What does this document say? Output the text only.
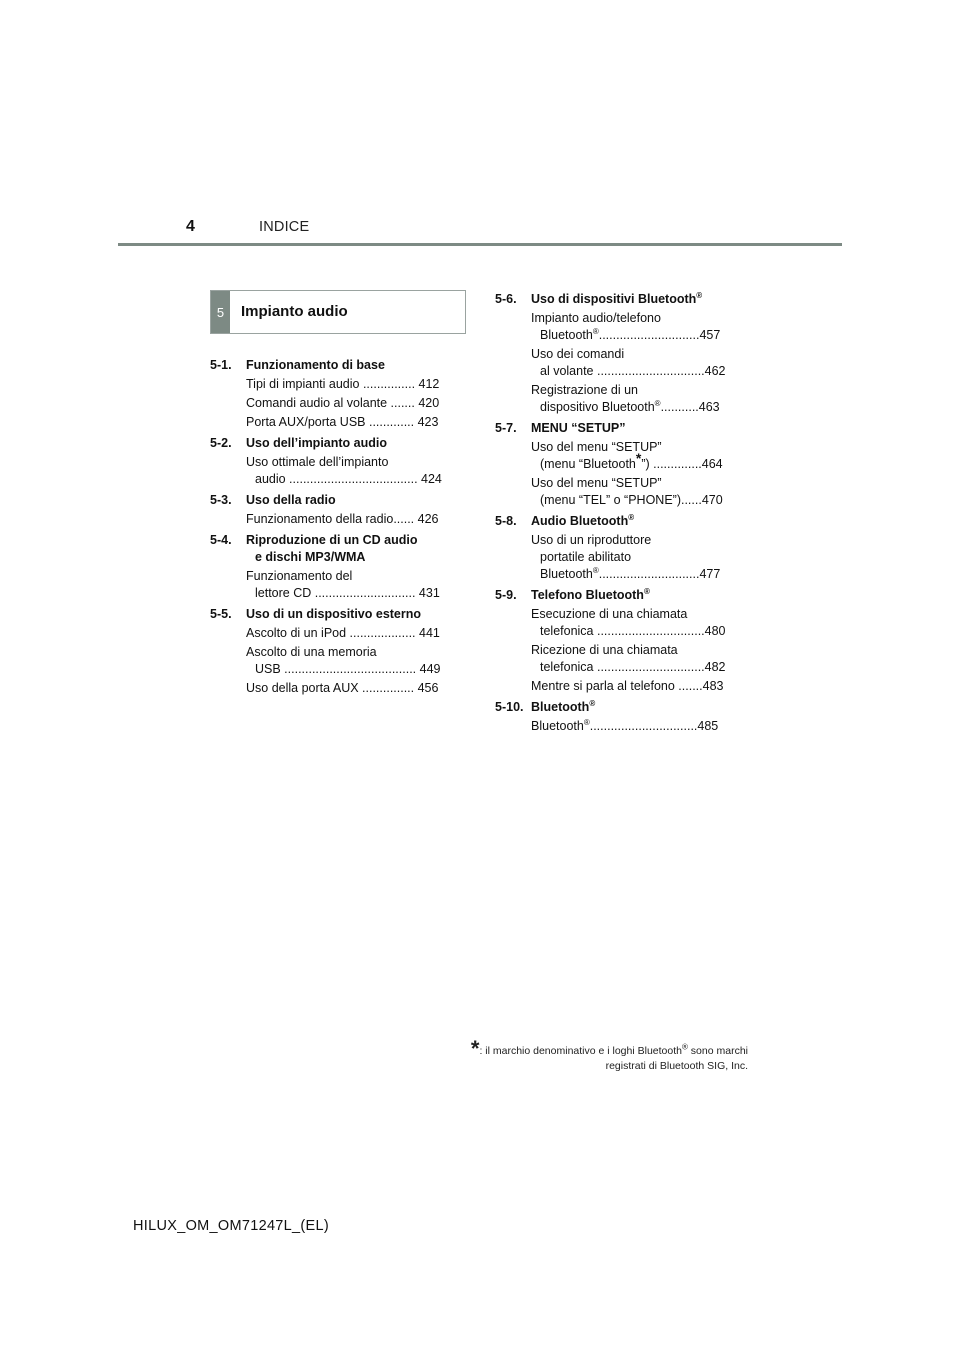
4	INDICE
5	Impianto audio
5-1. Funzionamento di base
Tipi di impianti audio ............... 412
Comandi audio al volante ....... 420
Porta AUX/porta USB ............. 423
5-2. Uso dell’impianto audio
Uso ottimale dell’impianto
audio ..................................... 424
5-3. Uso della radio
Funzionamento della radio...... 426
5-4. Riproduzione di un CD audio
e dischi MP3/WMA
Funzionamento del
lettore CD ............................. 431
5-5. Uso di un dispositivo esterno
Ascolto di un iPod ................... 441
Ascolto di una memoria
USB ...................................... 449
Uso della porta AUX ............... 456
5-6. Uso di dispositivi Bluetooth®
Impianto audio/telefono
Bluetooth®.............................457
Uso dei comandi
al volante ...............................462
Registrazione di un
dispositivo Bluetooth®...........463
5-7. MENU “SETUP”
Uso del menu “SETUP”
(menu “Bluetooth*”) ..............464
Uso del menu “SETUP”
(menu “TEL” o “PHONE”)......470
5-8. Audio Bluetooth®
Uso di un riproduttore
portatile abilitato
Bluetooth®.............................477
5-9. Telefono Bluetooth®
Esecuzione di una chiamata
telefonica ...............................480
Ricezione di una chiamata
telefonica ...............................482
Mentre si parla al telefono .......483
5-10. Bluetooth®
Bluetooth®...............................485
*: il marchio denominativo e i loghi Bluetooth® sono marchi
registrati di Bluetooth SIG, Inc.
HILUX_OM_OM71247L_(EL)
